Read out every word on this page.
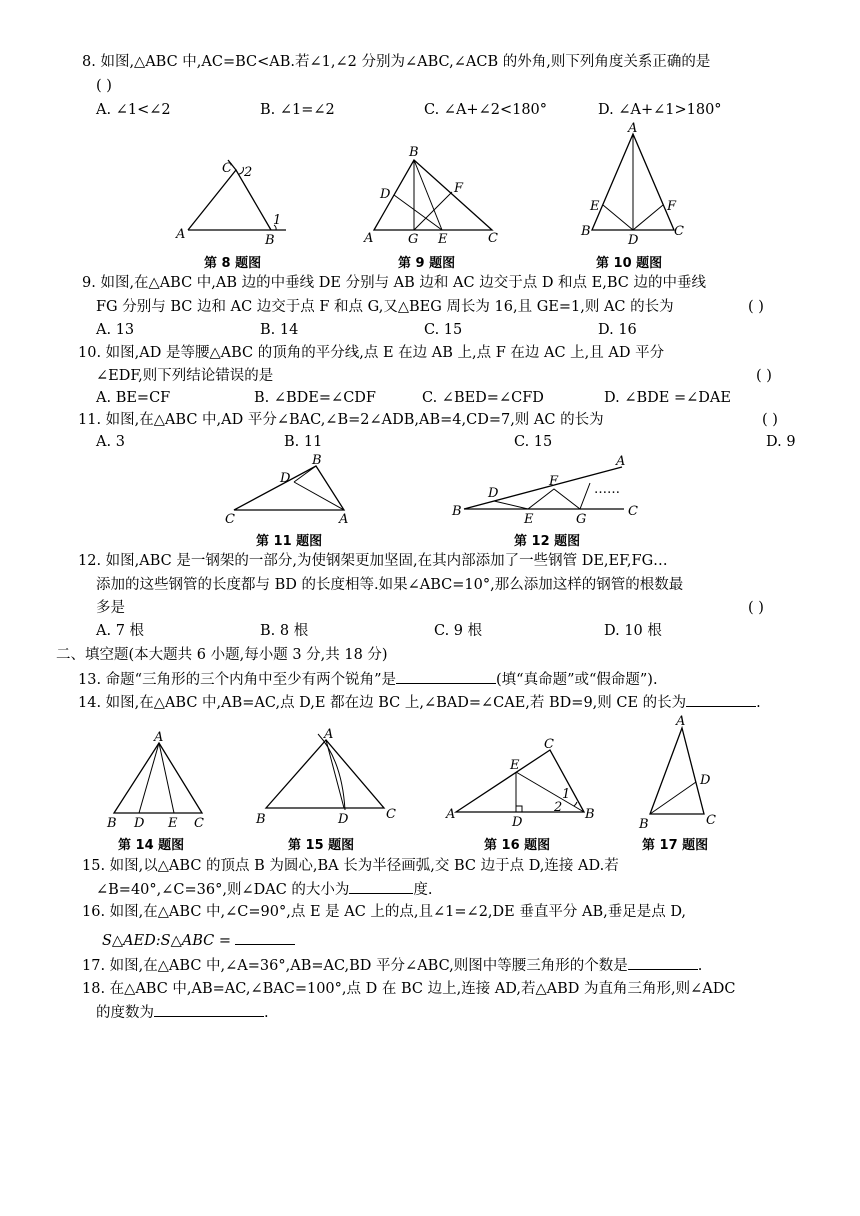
8. 如图,△ABC 中,AC=BC<AB.若∠1,∠2 分别为∠ABC,∠ACB 的外角,则下列角度关系正确的是
( )
A. ∠1<∠2	B. ∠1=∠2	C. ∠A+∠2<180°	D. ∠A+∠1>180°
A	B
C 2
1
第 8 题图
A
B
C
D
E
F
G
第 9 题图
A
B	C
D
E	F
第 10 题图
9. 如图,在△ABC 中,AB 边的中垂线 DE 分别与 AB 边和 AC 边交于点 D 和点 E,BC 边的中垂线
FG 分别与 BC 边和 AC 边交于点 F 和点 G,又△BEG 周长为 16,且 GE=1,则 AC 的长为	( )
A. 13	B. 14	C. 15	D. 16
10. 如图,AD 是等腰△ABC 的顶角的平分线,点 E 在边 AB 上,点 F 在边 AC 上,且 AD 平分
∠EDF,则下列结论错误的是	( )
A. BE=CF	B. ∠BDE=∠CDF	C. ∠BED=∠CFD	D. ∠BDE =∠DAE
11. 如图,在△ABC 中,AD 平分∠BAC,∠B=2∠ADB,AB=4,CD=7,则 AC 的长为	( )
A. 3	B. 11	C. 15	D. 9
C
B
A
D
第 11 题图
B	C
A
D
E
F
G
……
第 12 题图
12. 如图,ABC 是一钢架的一部分,为使钢架更加坚固,在其内部添加了一些钢管 DE,EF,FG…
添加的这些钢管的长度都与 BD 的长度相等.如果∠ABC=10°,那么添加这样的钢管的根数最
多是	( )
A. 7 根	B. 8 根	C. 9 根	D. 10 根
二、填空题(本大题共 6 小题,每小题 3 分,共 18 分)
13. 命题“三角形的三个内角中至少有两个锐角”是	(填“真命题”或“假命题”).
14. 如图,在△ABC 中,AB=AC,点 D,E 都在边 BC 上,∠BAD=∠CAE,若 BD=9,则 CE 的长为	.
A
B	C
D E
第 14 题图
B	C
A
D
第 15 题图
A
C
B
E
D
1
2
第 16 题图
A
B	C
D
第 17 题图
15. 如图,以△ABC 的顶点 B 为圆心,BA 长为半径画弧,交 BC 边于点 D,连接 AD.若
∠B=40°,∠C=36°,则∠DAC 的大小为	度.
16. 如图,在△ABC 中,∠C=90°,点 E 是 AC 上的点,且∠1=∠2,DE 垂直平分 AB,垂足是点 D,
S△AED:S△ABC =
17. 如图,在△ABC 中,∠A=36°,AB=AC,BD 平分∠ABC,则图中等腰三角形的个数是	.
18. 在△ABC 中,AB=AC,∠BAC=100°,点 D 在 BC 边上,连接 AD,若△ABD 为直角三角形,则∠ADC
的度数为	.
